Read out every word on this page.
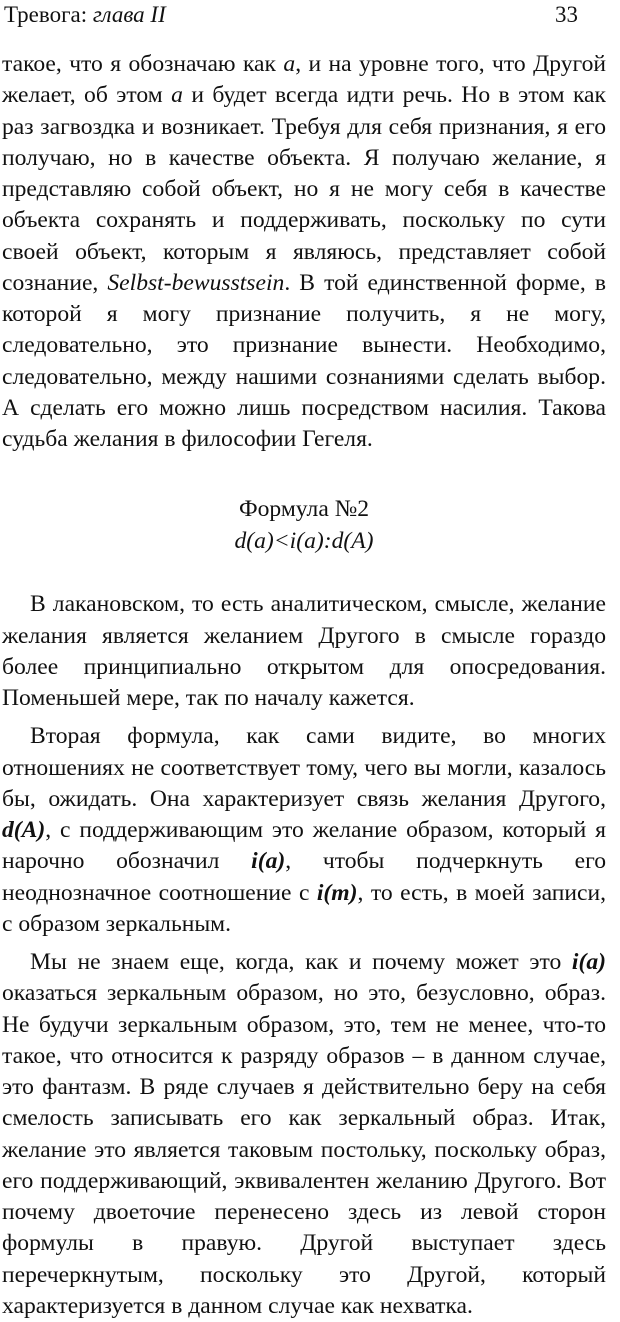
Тревога: глава II	33

такое, что я обозначаю как а, и на уровне того, что Другой желает, об этом а и будет всегда идти речь. Но в этом как раз загвоздка и возникает. Требуя для себя признания, я его получаю, но в качестве объекта. Я получаю желание, я представляю собой объект, но я не могу себя в качестве объекта сохранять и поддерживать, поскольку по сути своей объект, которым я являюсь, представляет собой сознание, Selbst-bewusstsein. В той единственной форме, в которой я могу признание получить, я не могу, следовательно, это признание вынести. Необходимо, следовательно, между нашими сознаниями сделать выбор. А сделать его можно лишь посредством насилия. Такова судьба желания в философии Гегеля.

Формула №2
d(a)<i(a):d(A)

В лакановском, то есть аналитическом, смысле, желание желания является желанием Другого в смысле гораздо более принципиально открытом для опосредования. Поменьшей мере, так по началу кажется.

Вторая формула, как сами видите, во многих отношениях не соответствует тому, чего вы могли, казалось бы, ожидать. Она характеризует связь желания Другого, d(A), с поддерживающим это желание образом, который я нарочно обозначил i(a), чтобы подчеркнуть его неоднозначное соотношение с i(m), то есть, в моей записи, с образом зеркальным.

Мы не знаем еще, когда, как и почему может это i(a) оказаться зеркальным образом, но это, безусловно, образ. Не будучи зеркальным образом, это, тем не менее, что-то такое, что относится к разряду образов – в данном случае, это фантазм. В ряде случаев я действительно беру на себя смелость записывать его как зеркальный образ. Итак, желание это является таковым постольку, поскольку образ, его поддерживающий, эквивалентен желанию Другого. Вот почему двоеточие перенесено здесь из левой сторон формулы в правую. Другой выступает здесь перечеркнутым, поскольку это Другой, который характеризуется в данном случае как нехватка.
